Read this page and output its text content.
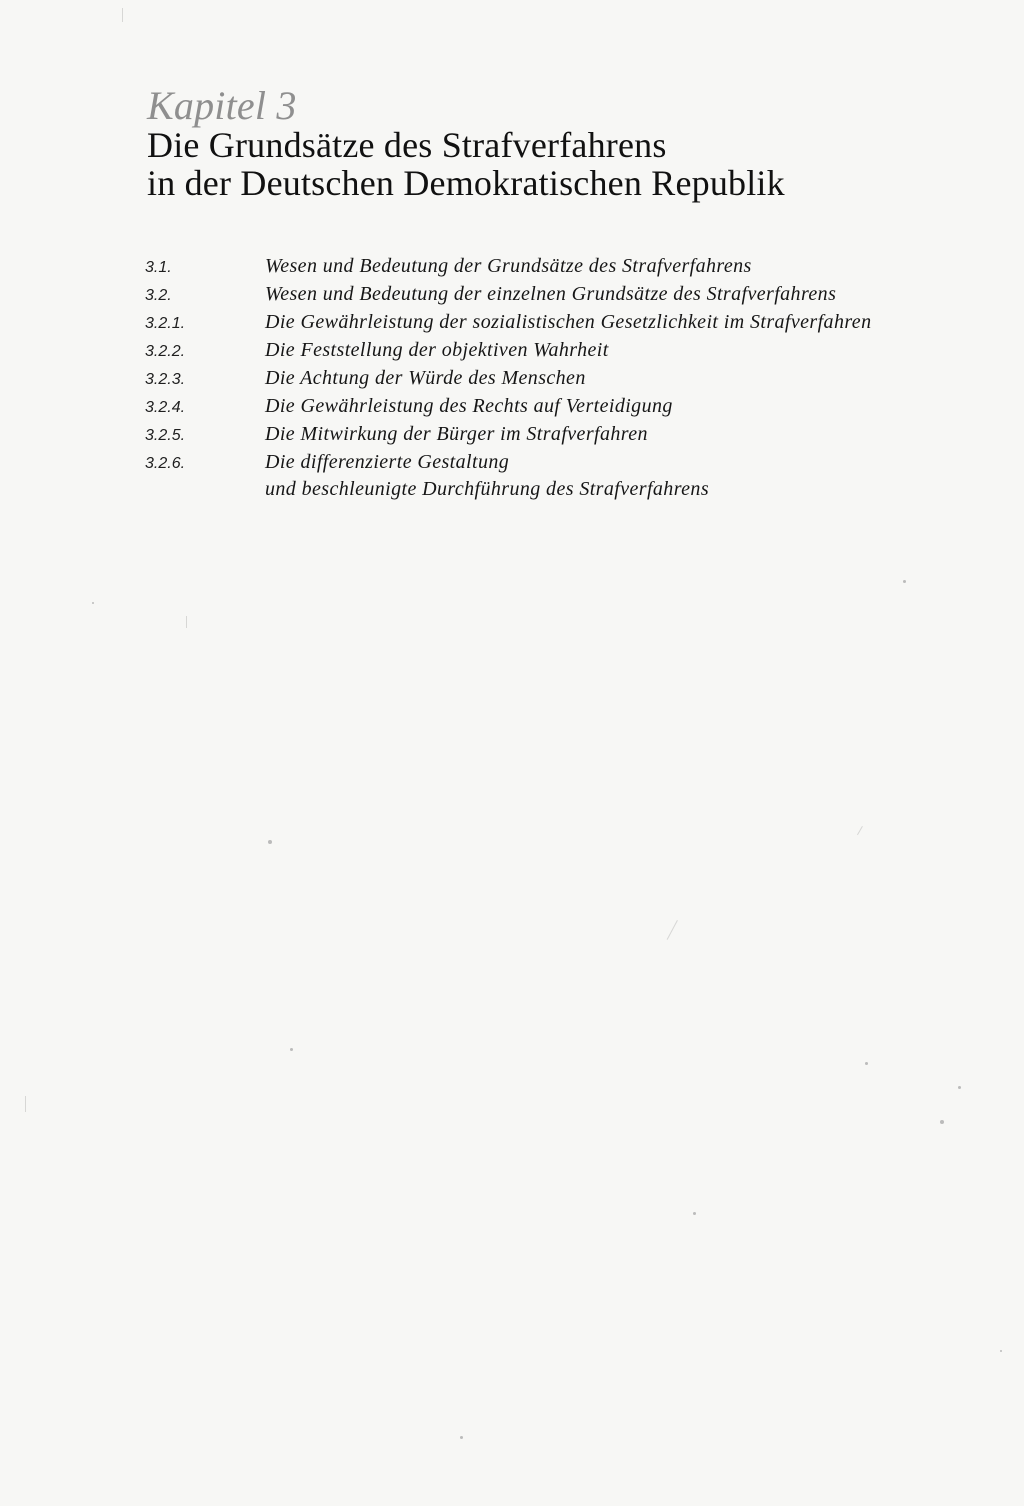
Kapitel 3
Die Grundsätze des Strafverfahrens
in der Deutschen Demokratischen Republik
3.1.	Wesen und Bedeutung der Grundsätze des Strafverfahrens
3.2.	Wesen und Bedeutung der einzelnen Grundsätze des Strafverfahrens
3.2.1.	Die Gewährleistung der sozialistischen Gesetzlichkeit im Strafverfahren
3.2.2.	Die Feststellung der objektiven Wahrheit
3.2.3.	Die Achtung der Würde des Menschen
3.2.4.	Die Gewährleistung des Rechts auf Verteidigung
3.2.5.	Die Mitwirkung der Bürger im Strafverfahren
3.2.6.	Die differenzierte Gestaltung
und beschleunigte Durchführung des Strafverfahrens
